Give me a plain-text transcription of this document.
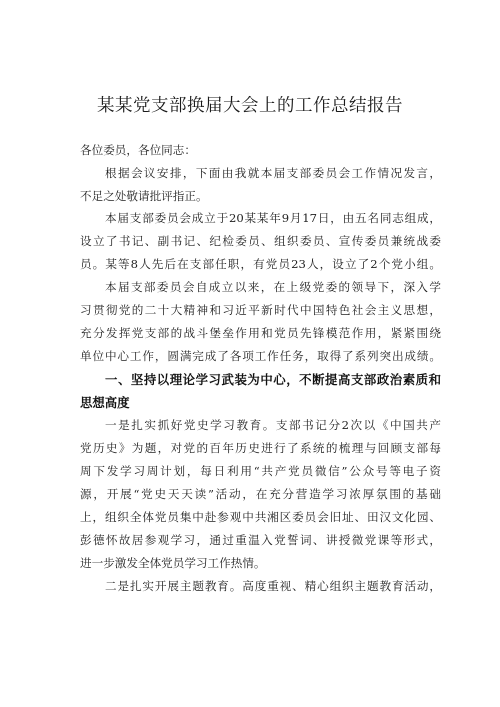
某某党支部换届大会上的工作总结报告
各位委员，各位同志：
根据会议安排，下面由我就本届支部委员会工作情况发言，
不足之处敬请批评指正。
本届支部委员会成立于20某某年9月17日，由五名同志组成，
设立了书记、副书记、纪检委员、组织委员、宣传委员兼统战委
员。某等8人先后在支部任职，有党员23人，设立了2个党小组。
本届支部委员会自成立以来，在上级党委的领导下，深入学
习贯彻党的二十大精神和习近平新时代中国特色社会主义思想，
充分发挥党支部的战斗堡垒作用和党员先锋模范作用，紧紧围绕
单位中心工作，圆满完成了各项工作任务，取得了系列突出成绩。
一、坚持以理论学习武装为中心，不断提高支部政治素质和
思想高度
一是扎实抓好党史学习教育。支部书记分2次以《中国共产
党历史》为题，对党的百年历史进行了系统的梳理与回顾支部每
周下发学习周计划，每日利用“共产党员微信”公众号等电子资
源，开展“党史天天读”活动，在充分营造学习浓厚氛围的基础
上，组织全体党员集中赴参观中共湘区委员会旧址、田汉文化园、
彭德怀故居参观学习，通过重温入党誓词、讲授微党课等形式，
进一步激发全体党员学习工作热情。
二是扎实开展主题教育。高度重视、精心组织主题教育活动，
